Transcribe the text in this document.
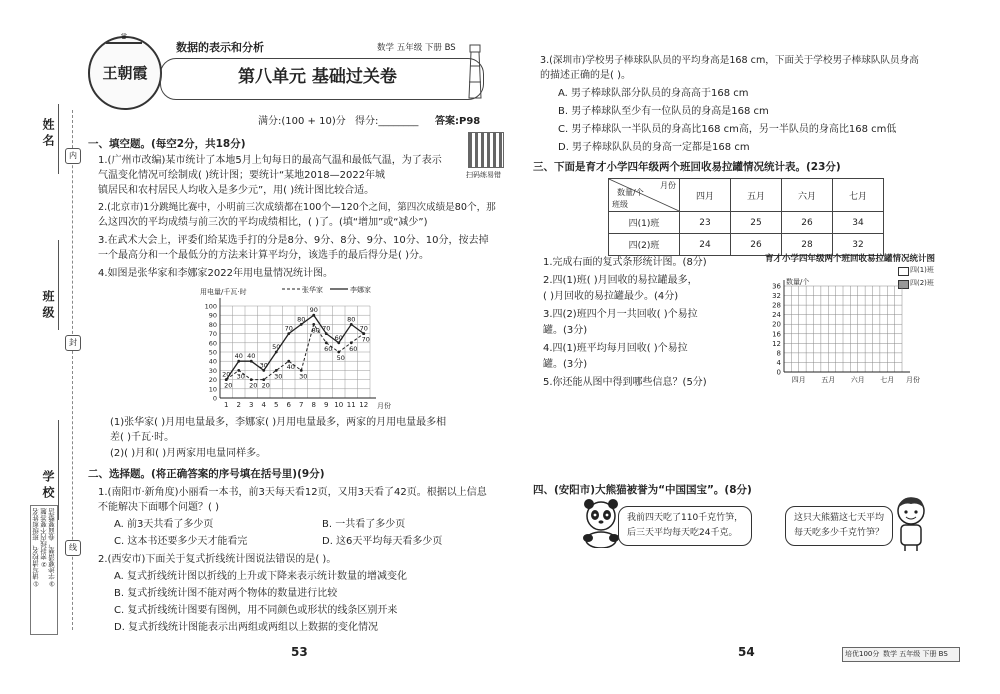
姓 名
班 级
学 校
内
封
线
①请写清校名、班级和姓名 ②密封线内不要答题 ③字迹要清楚，卷面要整洁
♛
王朝霞
数据的表示和分析	数学 五年级 下册 BS
第八单元 基础过关卷
满分:(100 + 10)分 得分:________ 答案:P98
扫码练易错
一、填空题。(每空2分，共18分)
1.(广州市改编)某市统计了本地5月上旬每日的最高气温和最低气温，为了表示
气温变化情况可绘制成( )统计图；要统计“某地2018—2022年城
镇居民和农村居民人均收入是多少元”，用( )统计图比较合适。
2.(北京市)1分跳绳比赛中，小明前三次成绩都在100个—120个之间，第四次成绩是80个，那
么这四次的平均成绩与前三次的平均成绩相比，( )了。(填“增加”或“减少”)
3.在武术大会上，评委们给某选手打的分是8分、9分、8分、9分、10分、10分，按去掉
一个最高分和一个最低分的方法来计算平均分，该选手的最后得分是( )分。
4.如图是张华家和李娜家2022年用电量情况统计图。
用电量/千瓦·时
月份
0
10
20
30
40
50
60
70
80
90
100
1 2 3 4 5 6 7 8 9 10 11 12
张华家	李娜家
20
30
20 20
30
40
30
80
60
50
60
70
20
40 40
30
50
70
80
90
70
60
80
70
(1)张华家( )月用电量最多，李娜家( )月用电量最多，两家的月用电量最多相
差( )千瓦·时。
(2)( )月和( )月两家用电量同样多。
二、选择题。(将正确答案的序号填在括号里)(9分)
1.(南阳市·新角度)小丽看一本书，前3天每天看12页，又用3天看了42页。根据以上信息
不能解决下面哪个问题？( )
A. 前3天共看了多少页	B. 一共看了多少页
C. 这本书还要多少天才能看完	D. 这6天平均每天看多少页
2.(西安市)下面关于复式折线统计图说法错误的是( )。
A. 复式折线统计图以折线的上升或下降来表示统计数量的增减变化
B. 复式折线统计图不能对两个物体的数量进行比较
C. 复式折线统计图要有图例，用不同颜色或形状的线条区别开来
D. 复式折线统计图能表示出两组或两组以上数据的变化情况
53
3.(深圳市)学校男子棒球队队员的平均身高是168 cm，下面关于学校男子棒球队队员身高
的描述正确的是( )。
A. 男子棒球队部分队员的身高高于168 cm
B. 男子棒球队至少有一位队员的身高是168 cm
C. 男子棒球队一半队员的身高比168 cm高，另一半队员的身高比168 cm低
D. 男子棒球队队员的身高一定都是168 cm
三、下面是育才小学四年级两个班回收易拉罐情况统计表。(23分)
月份
数量/个
班级	四月	五月	六月	七月
四(1)班	23	25	26	34
四(2)班	24	26	28	32
1.完成右面的复式条形统计图。(8分)
2.四(1)班( )月回收的易拉罐最多，
( )月回收的易拉罐最少。(4分)
3.四(2)班四个月一共回收( )个易拉
罐。(3分)
4.四(1)班平均每月回收( )个易拉
罐。(3分)
5.你还能从图中得到哪些信息？(5分)
育才小学四年级两个班回收易拉罐情况统计图
四(1)班
四(2)班
数量/个
0
4
8
12
16
20
24
28
32
36
四月 五月 六月 七月 月份
四、(安阳市)大熊猫被誉为“中国国宝”。(8分)
我前四天吃了110千克竹笋，
后三天平均每天吃24千克。
这只大熊猫这七天平均
每天吃多少千克竹笋？
54	培优100分 数学 五年级 下册 BS
